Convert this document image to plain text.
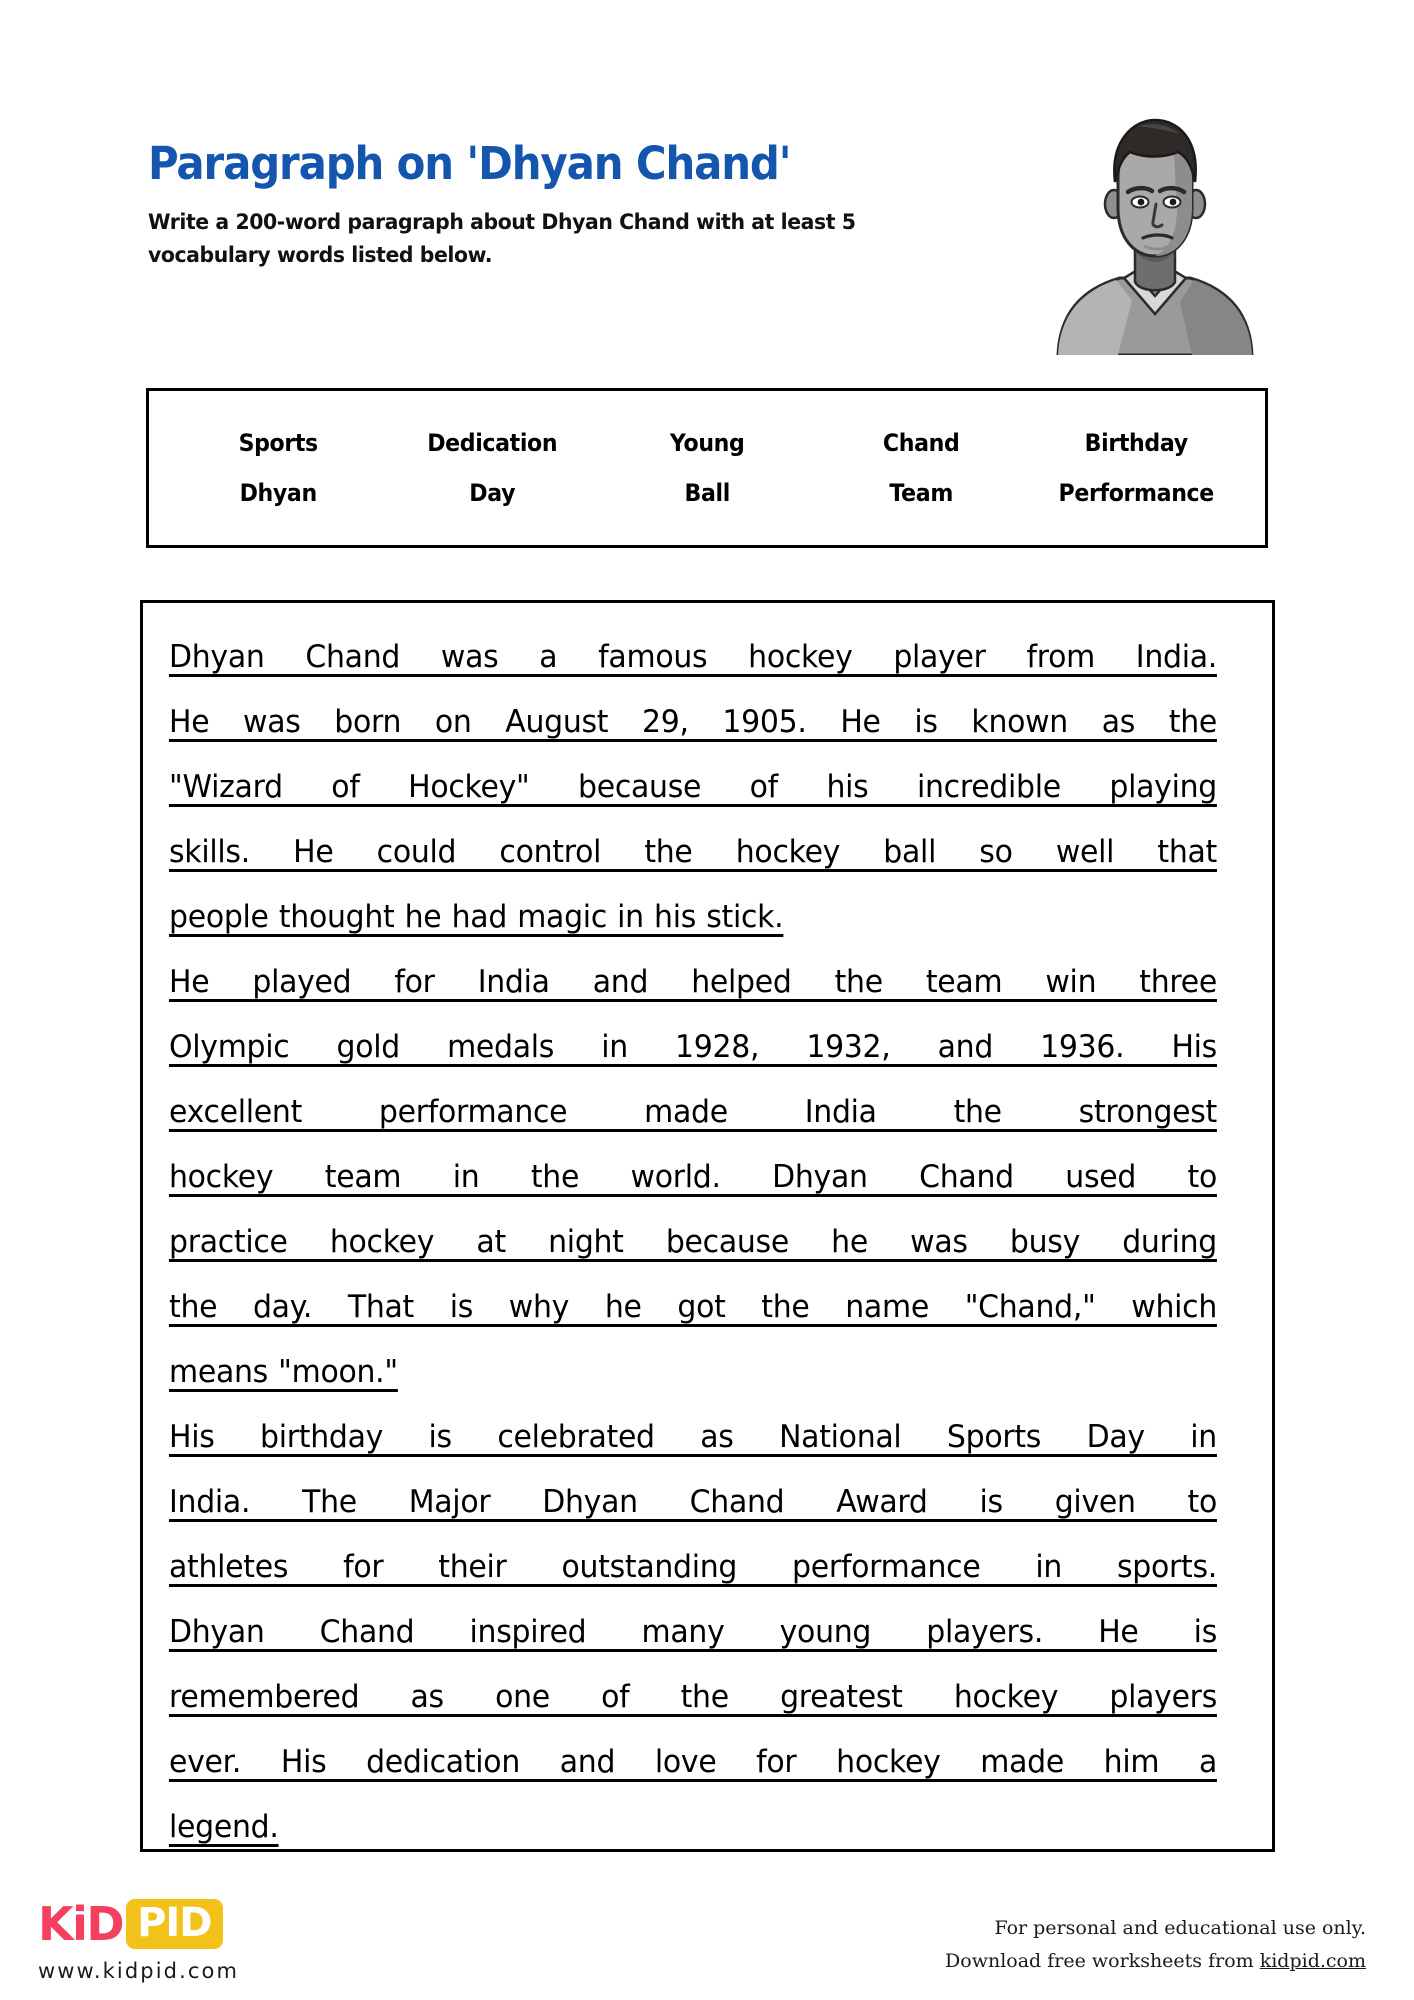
Paragraph on 'Dhyan Chand'
Write a 200-word paragraph about Dhyan Chand with at least 5 vocabulary words listed below.
Sports	Dedication	Young	Chand	Birthday
Dhyan	Day	Ball	Team	Performance
Dhyan Chand was a famous hockey player from India.
He was born on August 29, 1905. He is known as the
"Wizard of Hockey" because of his incredible playing
skills. He could control the hockey ball so well that
people thought he had magic in his stick.
He played for India and helped the team win three
Olympic gold medals in 1928, 1932, and 1936. His
excellent performance made India the strongest
hockey team in the world. Dhyan Chand used to
practice hockey at night because he was busy during
the day. That is why he got the name "Chand," which
means "moon."
His birthday is celebrated as National Sports Day in
India. The Major Dhyan Chand Award is given to
athletes for their outstanding performance in sports.
Dhyan Chand inspired many young players. He is
remembered as one of the greatest hockey players
ever. His dedication and love for hockey made him a
legend.
KiD PID
www.kidpid.com
For personal and educational use only.
Download free worksheets from kidpid.com
